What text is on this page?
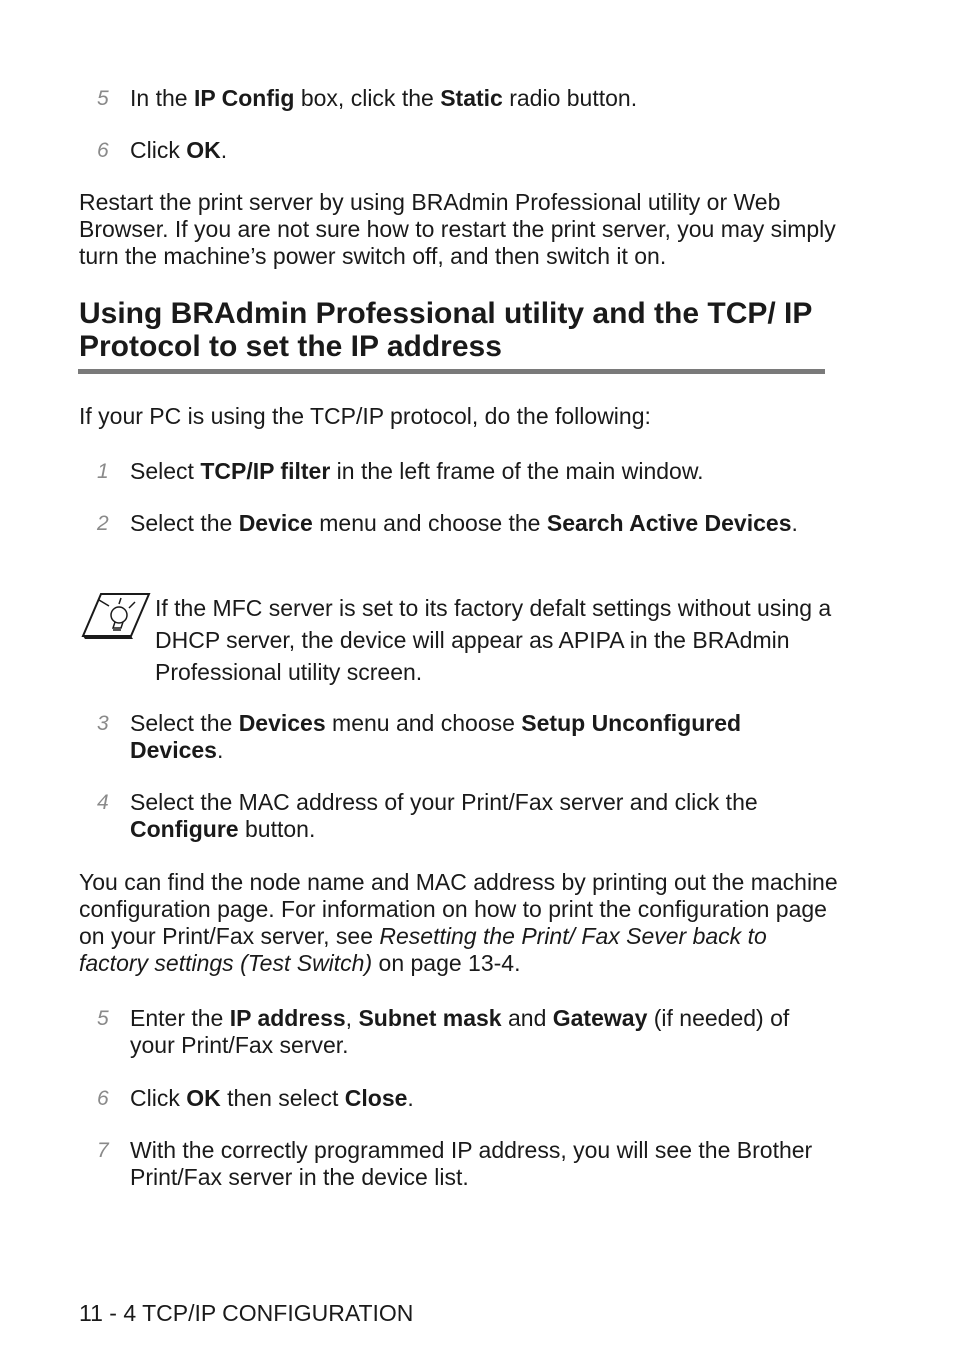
5 In the IP Config box, click the Static radio button.
6 Click OK.
Restart the print server by using BRAdmin Professional utility or Web Browser. If you are not sure how to restart the print server, you may simply turn the machine’s power switch off, and then switch it on.
Using BRAdmin Professional utility and the TCP/ IP Protocol to set the IP address
If your PC is using the TCP/IP protocol, do the following:
1 Select TCP/IP filter in the left frame of the main window.
2 Select the Device menu and choose the Search Active Devices.
If the MFC server is set to its factory defalt settings without using a DHCP server, the device will appear as APIPA in the BRAdmin Professional utility screen.
3 Select the Devices menu and choose Setup Unconfigured Devices.
4 Select the MAC address of your Print/Fax server and click the Configure button.
You can find the node name and MAC address by printing out the machine configuration page. For information on how to print the configuration page on your Print/Fax server, see Resetting the Print/ Fax Sever back to factory settings (Test Switch) on page 13-4.
5 Enter the IP address, Subnet mask and Gateway (if needed) of your Print/Fax server.
6 Click OK then select Close.
7 With the correctly programmed IP address, you will see the Brother Print/Fax server in the device list.
11 - 4 TCP/IP CONFIGURATION
